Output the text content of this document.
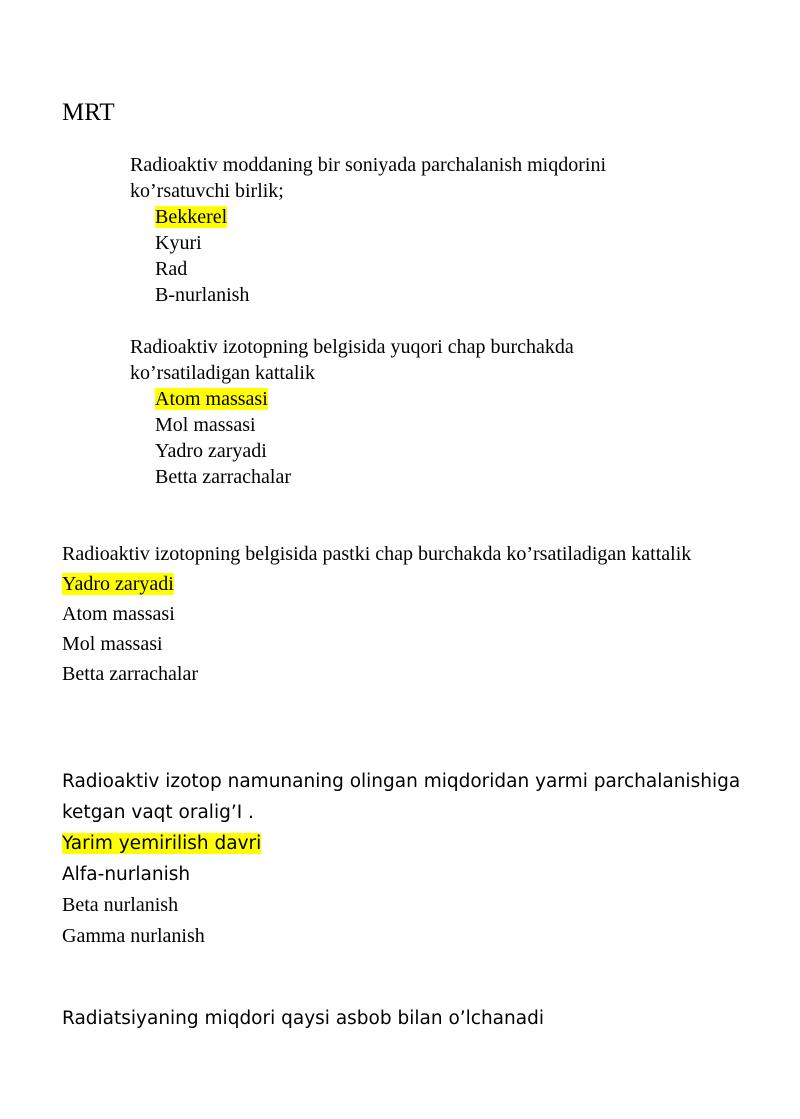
MRT

Radioaktiv moddaning bir soniyada parchalanish miqdorini ko’rsatuvchi birlik;

Bekkerel
Kyuri
Rad
B-nurlanish

Radioaktiv izotopning belgisida yuqori chap burchakda ko’rsatiladigan kattalik

Atom massasi
Mol massasi
Yadro zaryadi
Betta zarrachalar

Radioaktiv izotopning belgisida pastki chap burchakda ko’rsatiladigan kattalik

Yadro zaryadi
Atom massasi
Mol massasi
Betta zarrachalar

Radioaktiv izotop namunaning olingan miqdoridan yarmi parchalanishiga ketgan vaqt oralig’I .

Yarim yemirilish davri
Alfa-nurlanish
Beta nurlanish
Gamma nurlanish

Radiatsiyaning miqdori qaysi asbob bilan o’lchanadi
